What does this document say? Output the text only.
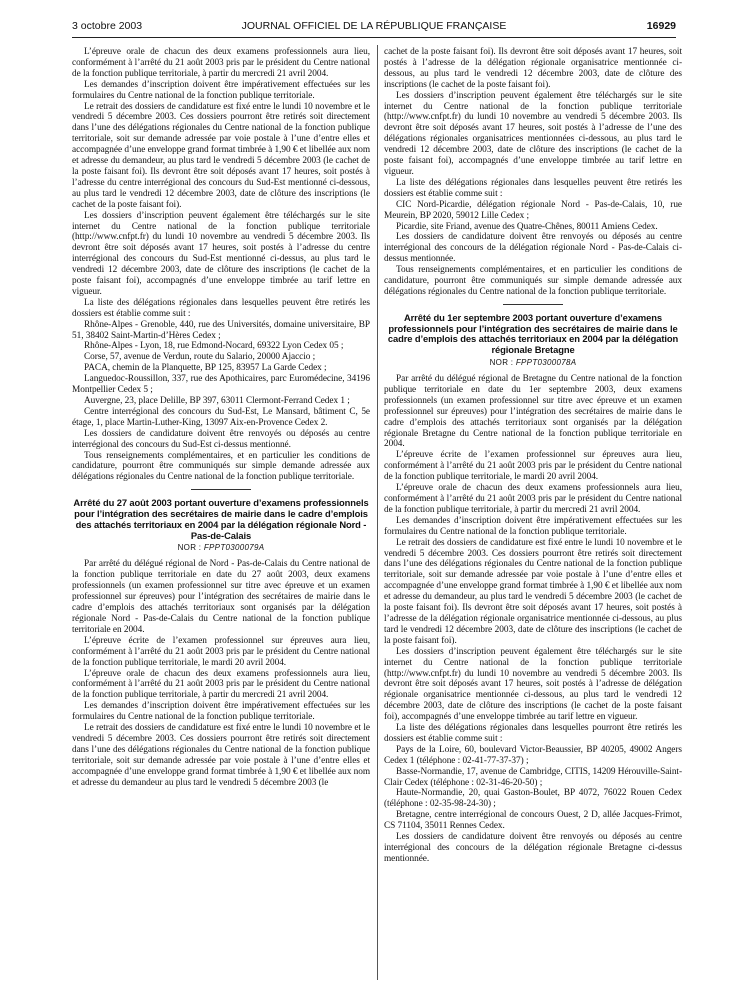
3 octobre 2003	JOURNAL OFFICIEL DE LA RÉPUBLIQUE FRANÇAISE	16929

L’épreuve orale de chacun des deux examens professionnels aura lieu, conformément à l’arrêté du 21 août 2003 pris par le président du Centre national de la fonction publique territoriale, à partir du mercredi 21 avril 2004.

Les demandes d’inscription doivent être impérativement effectuées sur les formulaires du Centre national de la fonction publique territoriale.

Le retrait des dossiers de candidature est fixé entre le lundi 10 novembre et le vendredi 5 décembre 2003. Ces dossiers pourront être retirés soit directement dans l’une des délégations régionales du Centre national de la fonction publique territoriale, soit sur demande adressée par voie postale à l’une d’entre elles et accompagnée d’une enveloppe grand format timbrée à 1,90 € et libellée aux nom et adresse du demandeur, au plus tard le vendredi 5 décembre 2003 (le cachet de la poste faisant foi). Ils devront être soit déposés avant 17 heures, soit postés à l’adresse du centre interrégional des concours du Sud-Est mentionné ci-dessous, au plus tard le vendredi 12 décembre 2003, date de clôture des inscriptions (le cachet de la poste faisant foi).

Les dossiers d’inscription peuvent également être téléchargés sur le site internet du Centre national de la fonction publique territoriale (http://www.cnfpt.fr) du lundi 10 novembre au vendredi 5 décembre 2003. Ils devront être soit déposés avant 17 heures, soit postés à l’adresse du centre interrégional des concours du Sud-Est mentionné ci-dessus, au plus tard le vendredi 12 décembre 2003, date de clôture des inscriptions (le cachet de la poste faisant foi), accompagnés d’une enveloppe timbrée au tarif lettre en vigueur.

La liste des délégations régionales dans lesquelles peuvent être retirés les dossiers est établie comme suit :

Rhône-Alpes - Grenoble, 440, rue des Universités, domaine universitaire, BP 51, 38402 Saint-Martin-d’Hères Cedex ;

Rhône-Alpes - Lyon, 18, rue Edmond-Nocard, 69322 Lyon Cedex 05 ;

Corse, 57, avenue de Verdun, route du Salario, 20000 Ajaccio ;

PACA, chemin de la Planquette, BP 125, 83957 La Garde Cedex ;

Languedoc-Roussillon, 337, rue des Apothicaires, parc Euromédecine, 34196 Montpellier Cedex 5 ;

Auvergne, 23, place Delille, BP 397, 63011 Clermont-Ferrand Cedex 1 ;

Centre interrégional des concours du Sud-Est, Le Mansard, bâtiment C, 5e étage, 1, place Martin-Luther-King, 13097 Aix-en-Provence Cedex 2.

Les dossiers de candidature doivent être renvoyés ou déposés au centre interrégional des concours du Sud-Est ci-dessus mentionné.

Tous renseignements complémentaires, et en particulier les conditions de candidature, pourront être communiqués sur simple demande adressée aux délégations régionales du Centre national de la fonction publique territoriale.

Arrêté du 27 août 2003 portant ouverture d’examens professionnels pour l’intégration des secrétaires de mairie dans le cadre d’emplois des attachés territoriaux en 2004 par la délégation régionale Nord - Pas-de-Calais
NOR : FPPT0300079A

Par arrêté du délégué régional de Nord - Pas-de-Calais du Centre national de la fonction publique territoriale en date du 27 août 2003, deux examens professionnels (un examen professionnel sur titre avec épreuve et un examen professionnel sur épreuves) pour l’intégration des secrétaires de mairie dans le cadre d’emplois des attachés territoriaux sont organisés par la délégation régionale Nord - Pas-de-Calais du Centre national de la fonction publique territoriale en 2004.

L’épreuve écrite de l’examen professionnel sur épreuves aura lieu, conformément à l’arrêté du 21 août 2003 pris par le président du Centre national de la fonction publique territoriale, le mardi 20 avril 2004.

L’épreuve orale de chacun des deux examens professionnels aura lieu, conformément à l’arrêté du 21 août 2003 pris par le président du Centre national de la fonction publique territoriale, à partir du mercredi 21 avril 2004.

Les demandes d’inscription doivent être impérativement effectuées sur les formulaires du Centre national de la fonction publique territoriale.

Le retrait des dossiers de candidature est fixé entre le lundi 10 novembre et le vendredi 5 décembre 2003. Ces dossiers pourront être retirés soit directement dans l’une des délégations régionales du Centre national de la fonction publique territoriale, soit sur demande adressée par voie postale à l’une d’entre elles et accompagnée d’une enveloppe grand format timbrée à 1,90 € et libellée aux nom et adresse du demandeur au plus tard le vendredi 5 décembre 2003 (le

cachet de la poste faisant foi). Ils devront être soit déposés avant 17 heures, soit postés à l’adresse de la délégation régionale organisatrice mentionnée ci-dessous, au plus tard le vendredi 12 décembre 2003, date de clôture des inscriptions (le cachet de la poste faisant foi).

Les dossiers d’inscription peuvent également être téléchargés sur le site internet du Centre national de la fonction publique territoriale (http://www.cnfpt.fr) du lundi 10 novembre au vendredi 5 décembre 2003. Ils devront être soit déposés avant 17 heures, soit postés à l’adresse de l’une des délégations régionales organisatrices mentionnées ci-dessous, au plus tard le vendredi 12 décembre 2003, date de clôture des inscriptions (le cachet de la poste faisant foi), accompagnés d’une enveloppe timbrée au tarif lettre en vigueur.

La liste des délégations régionales dans lesquelles peuvent être retirés les dossiers est établie comme suit :

CIC Nord-Picardie, délégation régionale Nord - Pas-de-Calais, 10, rue Meurein, BP 2020, 59012 Lille Cedex ;

Picardie, site Friand, avenue des Quatre-Chênes, 80011 Amiens Cedex.

Les dossiers de candidature doivent être renvoyés ou déposés au centre interrégional des concours de la délégation régionale Nord - Pas-de-Calais ci-dessus mentionnée.

Tous renseignements complémentaires, et en particulier les conditions de candidature, pourront être communiqués sur simple demande adressée aux délégations régionales du Centre national de la fonction publique territoriale.

Arrêté du 1er septembre 2003 portant ouverture d’examens professionnels pour l’intégration des secrétaires de mairie dans le cadre d’emplois des attachés territoriaux en 2004 par la délégation régionale Bretagne
NOR : FPPT0300078A

Par arrêté du délégué régional de Bretagne du Centre national de la fonction publique territoriale en date du 1er septembre 2003, deux examens professionnels (un examen professionnel sur titre avec épreuve et un examen professionnel sur épreuves) pour l’intégration des secrétaires de mairie dans le cadre d’emplois des attachés territoriaux sont organisés par la délégation régionale Bretagne du Centre national de la fonction publique territoriale en 2004.

L’épreuve écrite de l’examen professionnel sur épreuves aura lieu, conformément à l’arrêté du 21 août 2003 pris par le président du Centre national de la fonction publique territoriale, le mardi 20 avril 2004.

L’épreuve orale de chacun des deux examens professionnels aura lieu, conformément à l’arrêté du 21 août 2003 pris par le président du Centre national de la fonction publique territoriale, à partir du mercredi 21 avril 2004.

Les demandes d’inscription doivent être impérativement effectuées sur les formulaires du Centre national de la fonction publique territoriale.

Le retrait des dossiers de candidature est fixé entre le lundi 10 novembre et le vendredi 5 décembre 2003. Ces dossiers pourront être retirés soit directement dans l’une des délégations régionales du Centre national de la fonction publique territoriale, soit sur demande adressée par voie postale à l’une d’entre elles et accompagnée d’une enveloppe grand format timbrée à 1,90 € et libellée aux nom et adresse du demandeur, au plus tard le vendredi 5 décembre 2003 (le cachet de la poste faisant foi). Ils devront être soit déposés avant 17 heures, soit postés à l’adresse de la délégation régionale organisatrice mentionnée ci-dessous, au plus tard le vendredi 12 décembre 2003, date de clôture des inscriptions (le cachet de la poste faisant foi).

Les dossiers d’inscription peuvent également être téléchargés sur le site internet du Centre national de la fonction publique territoriale (http://www.cnfpt.fr) du lundi 10 novembre au vendredi 5 décembre 2003. Ils devront être soit déposés avant 17 heures, soit postés à l’adresse de délégation régionale organisatrice mentionnée ci-dessous, au plus tard le vendredi 12 décembre 2003, date de clôture des inscriptions (le cachet de la poste faisant foi), accompagnés d’une enveloppe timbrée au tarif lettre en vigueur.

La liste des délégations régionales dans lesquelles pourront être retirés les dossiers est établie comme suit :

Pays de la Loire, 60, boulevard Victor-Beaussier, BP 40205, 49002 Angers Cedex 1 (téléphone : 02-41-77-37-37) ;

Basse-Normandie, 17, avenue de Cambridge, CITIS, 14209 Hérouville-Saint-Clair Cedex (téléphone : 02-31-46-20-50) ;

Haute-Normandie, 20, quai Gaston-Boulet, BP 4072, 76022 Rouen Cedex (téléphone : 02-35-98-24-30) ;

Bretagne, centre interrégional de concours Ouest, 2 D, allée Jacques-Frimot, CS 71104, 35011 Rennes Cedex.

Les dossiers de candidature doivent être renvoyés ou déposés au centre interrégional des concours de la délégation régionale Bretagne ci-dessus mentionnée.
